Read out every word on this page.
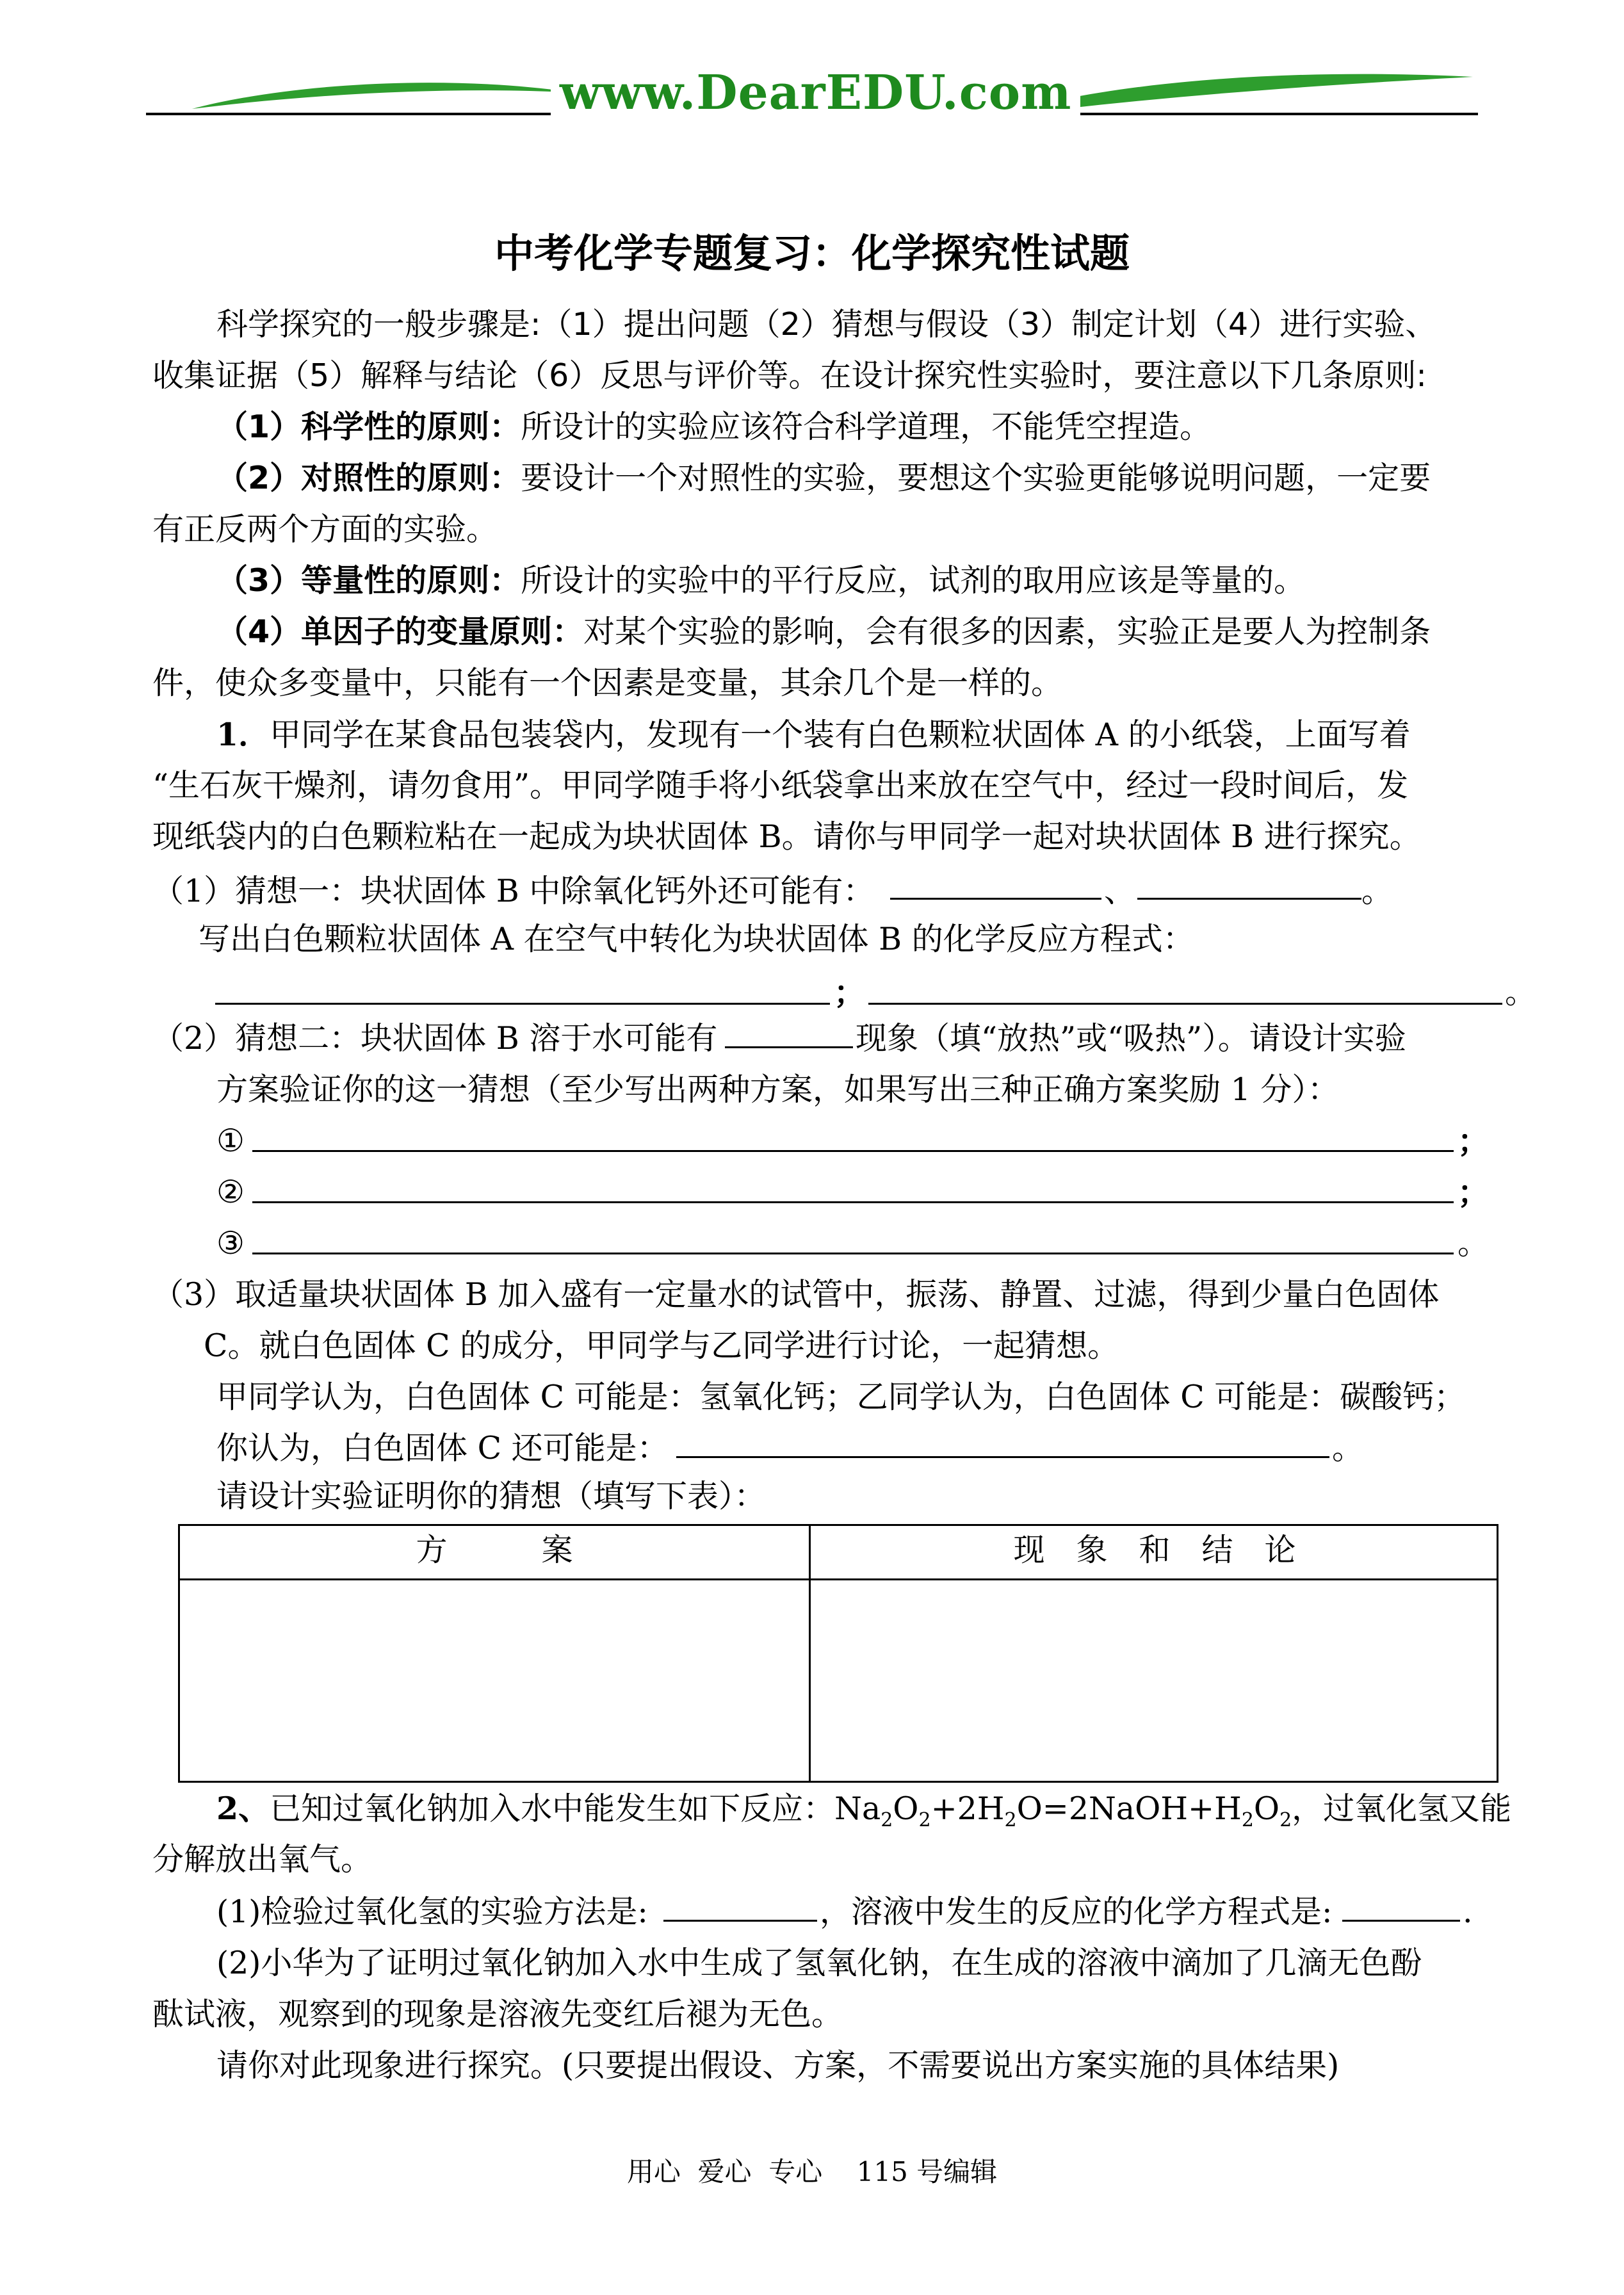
www.DearEDU.com
中考化学专题复习：化学探究性试题
科学探究的一般步骤是:（1）提出问题（2）猜想与假设（3）制定计划（4）进行实验、
收集证据（5）解释与结论（6）反思与评价等。在设计探究性实验时，要注意以下几条原则:
（1）科学性的原则：所设计的实验应该符合科学道理，不能凭空捏造。
（2）对照性的原则：要设计一个对照性的实验，要想这个实验更能够说明问题，一定要
有正反两个方面的实验。
（3）等量性的原则：所设计的实验中的平行反应，试剂的取用应该是等量的。
（4）单因子的变量原则：对某个实验的影响，会有很多的因素，实验正是要人为控制条
件，使众多变量中，只能有一个因素是变量，其余几个是一样的。
1．甲同学在某食品包装袋内，发现有一个装有白色颗粒状固体 A 的小纸袋，上面写着
“生石灰干燥剂，请勿食用”。甲同学随手将小纸袋拿出来放在空气中，经过一段时间后，发
现纸袋内的白色颗粒粘在一起成为块状固体 B。请你与甲同学一起对块状固体 B 进行探究。
（1）猜想一：块状固体 B 中除氧化钙外还可能有：	、	。
写出白色颗粒状固体 A 在空气中转化为块状固体 B 的化学反应方程式：
；	。
（2）猜想二：块状固体 B 溶于水可能有	现象（填“放热”或“吸热”）。请设计实验
方案验证你的这一猜想（至少写出两种方案，如果写出三种正确方案奖励 1 分）：
①	；
②	；
③	。
（3）取适量块状固体 B 加入盛有一定量水的试管中，振荡、静置、过滤，得到少量白色固体
C。就白色固体 C 的成分，甲同学与乙同学进行讨论，一起猜想。
甲同学认为，白色固体 C 可能是：氢氧化钙；乙同学认为，白色固体 C 可能是：碳酸钙；
你认为，白色固体 C 还可能是：	。
请设计实验证明你的猜想（填写下表）：
方　　　案	现　象　和　结　论
2、已知过氧化钠加入水中能发生如下反应：$Na_2O_2+2H_2O=2NaOH+H_2O_2$，过氧化氢又能
分解放出氧气。
(1)检验过氧化氢的实验方法是:	，溶液中发生的反应的化学方程式是:	.
(2)小华为了证明过氧化钠加入水中生成了氢氧化钠，在生成的溶液中滴加了几滴无色酚
酞试液，观察到的现象是溶液先变红后褪为无色。
请你对此现象进行探究。(只要提出假设、方案，不需要说出方案实施的具体结果)
用心  爱心  专心    115 号编辑
